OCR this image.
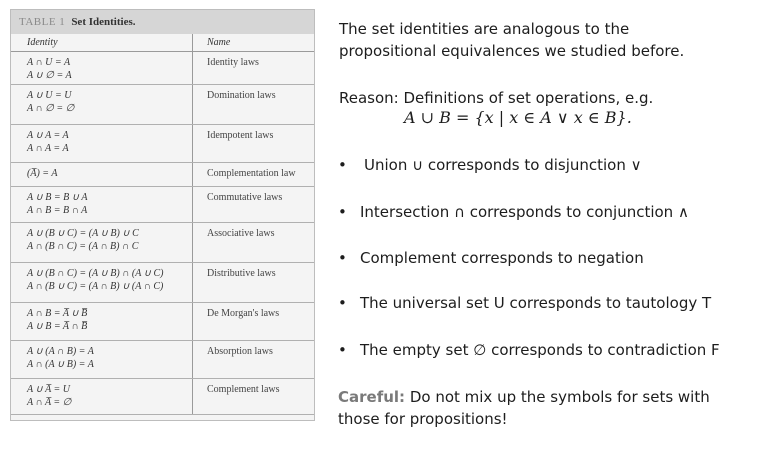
TABLE 1 Set Identities.
Identity	Name

A ∩ U = A
A ∪ ∅ = A	Identity laws

A ∪ U = U
A ∩ ∅ = ∅	Domination laws

A ∪ A = A
A ∩ A = A	Idempotent laws

(A̅) = A	Complementation law

A ∪ B = B ∪ A
A ∩ B = B ∩ A	Commutative laws

A ∪ (B ∪ C) = (A ∪ B) ∪ C
A ∩ (B ∩ C) = (A ∩ B) ∩ C	Associative laws

A ∪ (B ∩ C) = (A ∪ B) ∩ (A ∪ C)
A ∩ (B ∪ C) = (A ∩ B) ∪ (A ∩ C)	Distributive laws

A ∩ B = A̅ ∪ B̅
A ∪ B = A̅ ∩ B̅	De Morgan's laws

A ∪ (A ∩ B) = A
A ∩ (A ∪ B) = A	Absorption laws

A ∪ A̅ = U
A ∩ A̅ = ∅	Complement laws
The set identities are analogous to the
propositional equivalences we studied before.
Reason: Definitions of set operations, e.g.
A ∪ B = {x | x ∈ A ∨ x ∈ B}.
• Union ∪ corresponds to disjunction ∨
• Intersection ∩ corresponds to conjunction ∧
• Complement corresponds to negation
• The universal set U corresponds to tautology T
• The empty set ∅ corresponds to contradiction F
Careful: Do not mix up the symbols for sets with
those for propositions!
